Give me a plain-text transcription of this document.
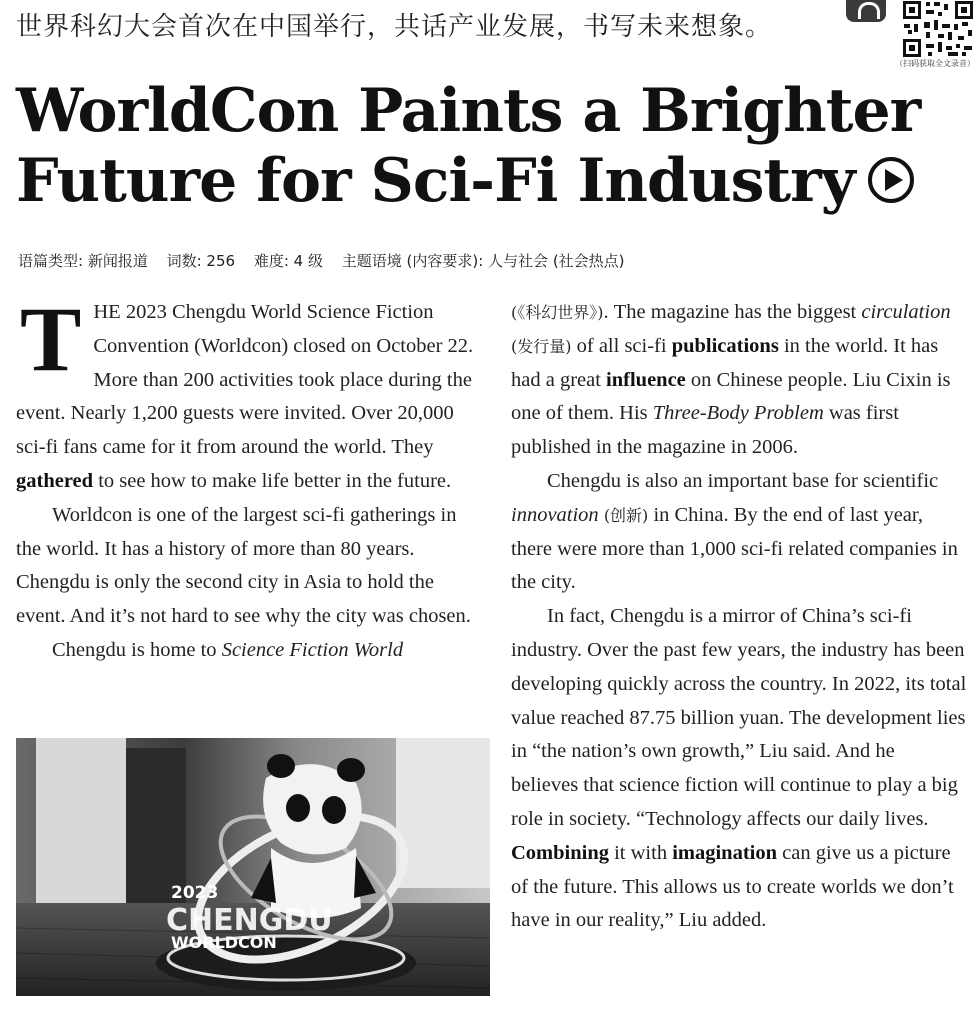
世界科幻大会首次在中国举行，共话产业发展，书写未来想象。
（扫码获取全文录音）
WorldCon Paints a Brighter
Future for Sci-Fi Industry
语篇类型: 新闻报道 词数: 256 难度: 4 级 主题语境 (内容要求): 人与社会 (社会热点)

T HE 2023 Chengdu World Science Fiction Convention (Worldcon) closed on October 22. More than 200 activities took place during the event. Nearly 1,200 guests were invited. Over 20,000 sci-fi fans came for it from around the world. They gathered to see how to make life better in the future.

Worldcon is one of the largest sci-fi gatherings in the world. It has a history of more than 80 years. Chengdu is only the second city in Asia to hold the event. And it’s not hard to see why the city was chosen.

Chengdu is home to Science Fiction World

2023
CHENGDU
WORLDCON

(《科幻世界》). The magazine has the biggest circulation (发行量) of all sci-fi publications in the world. It has had a great influence on Chinese people. Liu Cixin is one of them. His Three-Body Problem was first published in the magazine in 2006.

Chengdu is also an important base for scientific innovation (创新) in China. By the end of last year, there were more than 1,000 sci-fi related companies in the city.

In fact, Chengdu is a mirror of China’s sci-fi industry. Over the past few years, the industry has been developing quickly across the country. In 2022, its total value reached 87.75 billion yuan. The development lies in “the nation’s own growth,” Liu said. And he believes that science fiction will continue to play a big role in society. “Technology affects our daily lives. Combining it with imagination can give us a picture of the future. This allows us to create worlds we don’t have in our reality,” Liu added.
